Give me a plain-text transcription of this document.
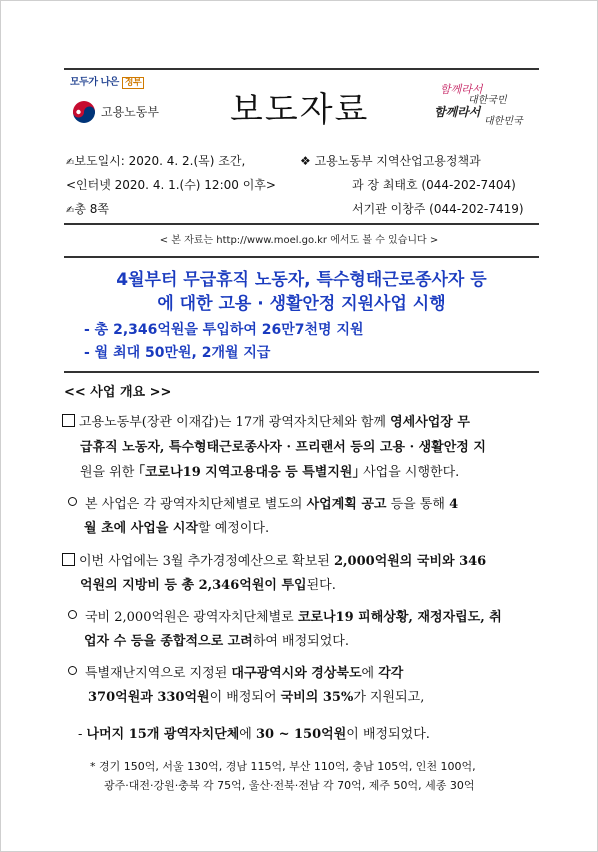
모두가 나은 정부
고용노동부 보도자료
함께라서
대한국민
함께라서
대한민국
✍보도일시: 2020. 4. 2.(목) 조간,
<인터넷 2020. 4. 1.(수) 12:00 이후>
✍총 8쪽
❖ 고용노동부 지역산업고용정책과
과 장 최태호 (044-202-7404)
서기관 이창주 (044-202-7419)
< 본 자료는 http://www.moel.go.kr 에서도 볼 수 있습니다 >
4월부터 무급휴직 노동자, 특수형태근로종사자 등
에 대한 고용 · 생활안정 지원사업 시행
- 총 2,346억원을 투입하여 26만7천명 지원
- 월 최대 50만원, 2개월 지급
<< 사업 개요 >>
고용노동부(장관 이재갑)는 17개 광역자치단체와 함께 영세사업장 무
급휴직 노동자, 특수형태근로종사자 · 프리랜서 등의 고용 · 생활안정 지
원을 위한 ｢코로나19 지역고용대응 등 특별지원｣ 사업을 시행한다.
본 사업은 각 광역자치단체별로 별도의 사업계획 공고 등을 통해 4
월 초에 사업을 시작할 예정이다.
이번 사업에는 3월 추가경정예산으로 확보된 2,000억원의 국비와 346
억원의 지방비 등 총 2,346억원이 투입된다.
국비 2,000억원은 광역자치단체별로 코로나19 피해상황, 재정자립도, 취
업자 수 등을 종합적으로 고려하여 배정되었다.
특별재난지역으로 지정된 대구광역시와 경상북도에 각각
370억원과 330억원이 배정되어 국비의 35%가 지원되고,
- 나머지 15개 광역자치단체에 30 ~ 150억원이 배정되었다.
* 경기 150억, 서울 130억, 경남 115억, 부산 110억, 충남 105억, 인천 100억,
광주·대전·강원·충북 각 75억, 울산·전북·전남 각 70억, 제주 50억, 세종 30억
